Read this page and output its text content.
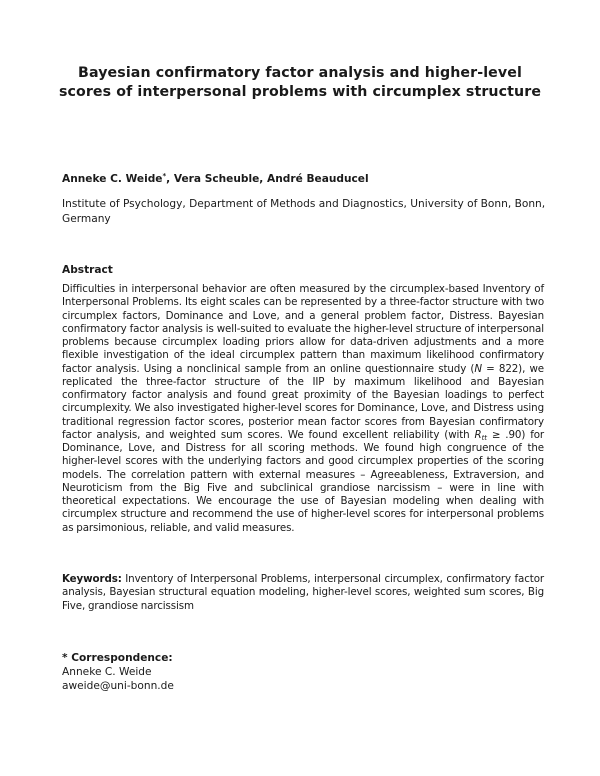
Bayesian confirmatory factor analysis and higher-level scores of interpersonal problems with circumplex structure
Anneke C. Weide*, Vera Scheuble, André Beauducel
Institute of Psychology, Department of Methods and Diagnostics, University of Bonn, Bonn, Germany
Abstract
Difficulties in interpersonal behavior are often measured by the circumplex-based Inventory of Interpersonal Problems. Its eight scales can be represented by a three-factor structure with two circumplex factors, Dominance and Love, and a general problem factor, Distress. Bayesian confirmatory factor analysis is well-suited to evaluate the higher-level structure of interpersonal problems because circumplex loading priors allow for data-driven adjustments and a more flexible investigation of the ideal circumplex pattern than maximum likelihood confirmatory factor analysis. Using a nonclinical sample from an online questionnaire study (N = 822), we replicated the three-factor structure of the IIP by maximum likelihood and Bayesian confirmatory factor analysis and found great proximity of the Bayesian loadings to perfect circumplexity. We also investigated higher-level scores for Dominance, Love, and Distress using traditional regression factor scores, posterior mean factor scores from Bayesian confirmatory factor analysis, and weighted sum scores. We found excellent reliability (with $R_{tt} \ge .90$) for Dominance, Love, and Distress for all scoring methods. We found high congruence of the higher-level scores with the underlying factors and good circumplex properties of the scoring models. The correlation pattern with external measures – Agreeableness, Extraversion, and Neuroticism from the Big Five and subclinical grandiose narcissism – were in line with theoretical expectations. We encourage the use of Bayesian modeling when dealing with circumplex structure and recommend the use of higher-level scores for interpersonal problems as parsimonious, reliable, and valid measures.
Keywords: Inventory of Interpersonal Problems, interpersonal circumplex, confirmatory factor analysis, Bayesian structural equation modeling, higher-level scores, weighted sum scores, Big Five, grandiose narcissism
* Correspondence:
Anneke C. Weide
aweide@uni-bonn.de
